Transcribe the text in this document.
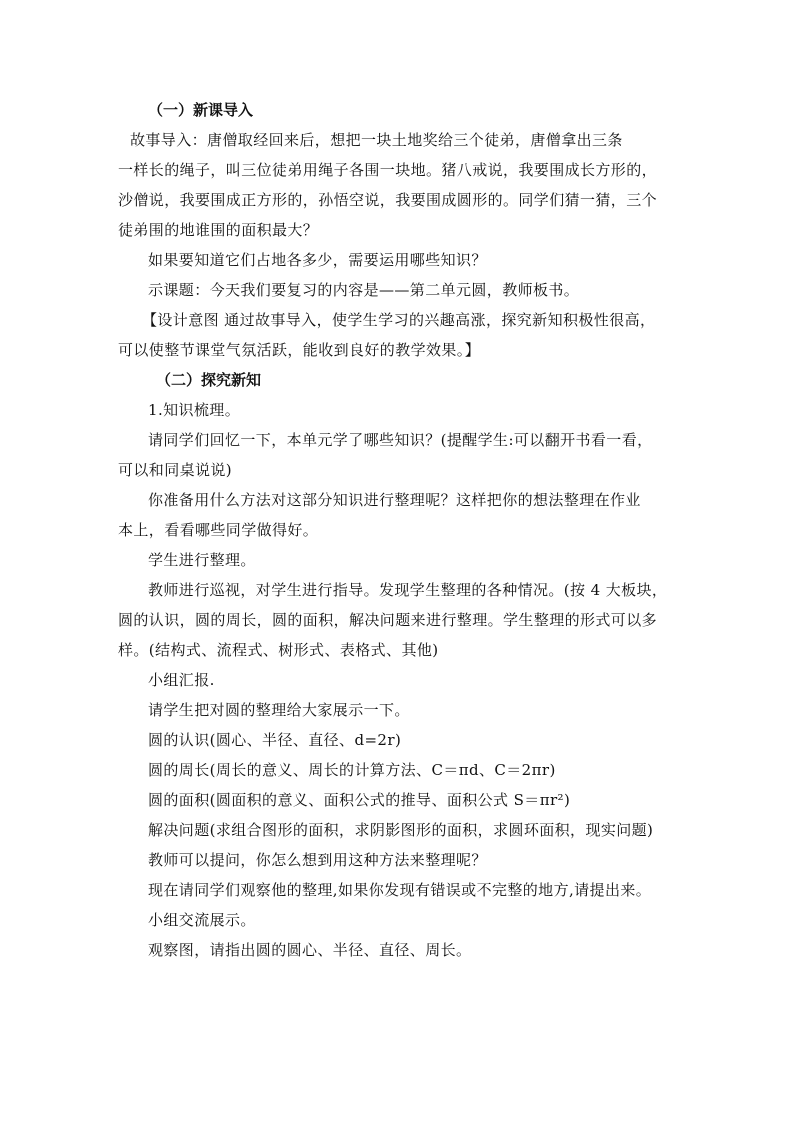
（一）新课导入

故事导入：唐僧取经回来后，想把一块土地奖给三个徒弟，唐僧拿出三条

一样长的绳子，叫三位徒弟用绳子各围一块地。猪八戒说，我要围成长方形的，

沙僧说，我要围成正方形的，孙悟空说，我要围成圆形的。同学们猜一猜，三个

徒弟围的地谁围的面积最大？

如果要知道它们占地各多少，需要运用哪些知识？

示课题：今天我们要复习的内容是——第二单元圆，教师板书。

【设计意图 通过故事导入，使学生学习的兴趣高涨，探究新知积极性很高，

可以使整节课堂气氛活跃，能收到良好的教学效果。】

（二）探究新知

1.知识梳理。

请同学们回忆一下，本单元学了哪些知识？(提醒学生:可以翻开书看一看，

可以和同桌说说)

你准备用什么方法对这部分知识进行整理呢？这样把你的想法整理在作业

本上，看看哪些同学做得好。

学生进行整理。

教师进行巡视，对学生进行指导。发现学生整理的各种情况。(按 4 大板块，

圆的认识，圆的周长，圆的面积，解决问题来进行整理。学生整理的形式可以多

样。(结构式、流程式、树形式、表格式、其他)

小组汇报.

请学生把对圆的整理给大家展示一下。

圆的认识(圆心、半径、直径、d=2r)

圆的周长(周长的意义、周长的计算方法、C＝πd、C＝2πr)

圆的面积(圆面积的意义、面积公式的推导、面积公式 S＝πr²)

解决问题(求组合图形的面积，求阴影图形的面积，求圆环面积，现实问题)

教师可以提问，你怎么想到用这种方法来整理呢？

现在请同学们观察他的整理,如果你发现有错误或不完整的地方,请提出来。

小组交流展示。

观察图，请指出圆的圆心、半径、直径、周长。
